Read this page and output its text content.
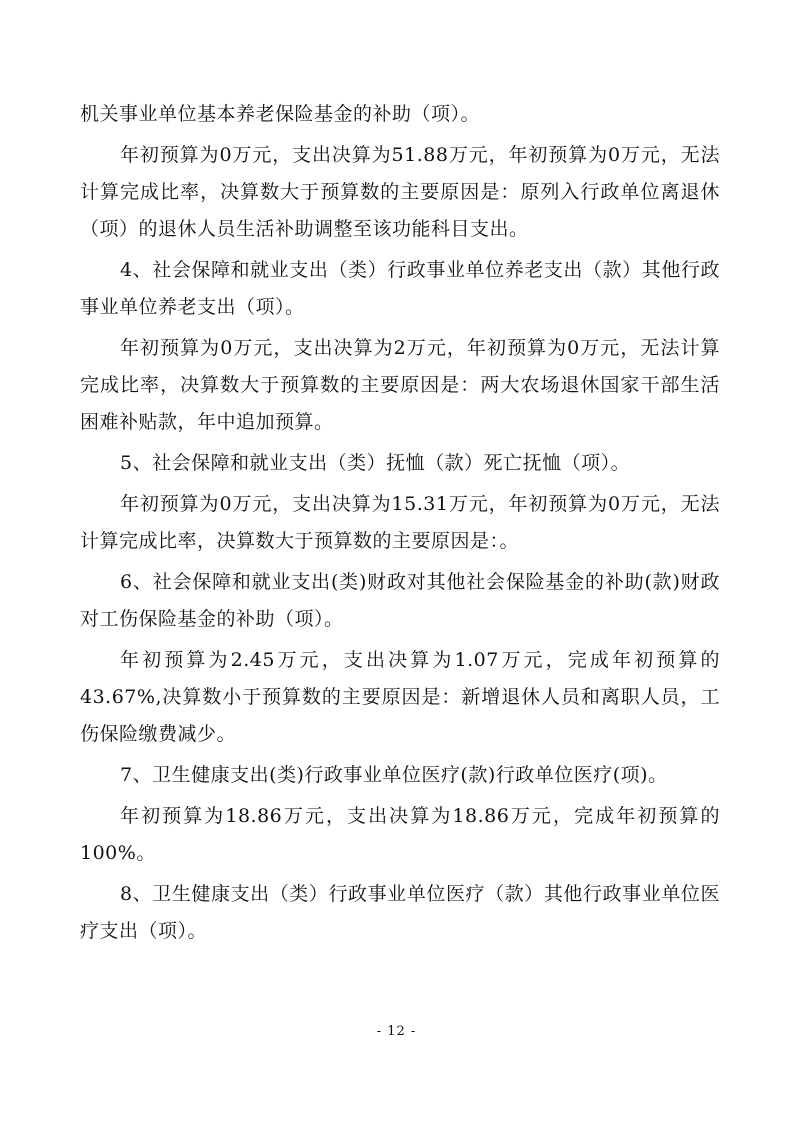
机关事业单位基本养老保险基金的补助（项）。

年初预算为0万元，支出决算为51.88万元，年初预算为0万元，无法计算完成比率，决算数大于预算数的主要原因是：原列入行政单位离退休（项）的退休人员生活补助调整至该功能科目支出。

4、社会保障和就业支出（类）行政事业单位养老支出（款）其他行政事业单位养老支出（项）。

年初预算为0万元，支出决算为2万元，年初预算为0万元，无法计算完成比率，决算数大于预算数的主要原因是：两大农场退休国家干部生活困难补贴款，年中追加预算。

5、社会保障和就业支出（类）抚恤（款）死亡抚恤（项）。

年初预算为0万元，支出决算为15.31万元，年初预算为0万元，无法计算完成比率，决算数大于预算数的主要原因是：。

6、社会保障和就业支出(类)财政对其他社会保险基金的补助(款)财政对工伤保险基金的补助（项）。

年初预算为2.45万元，支出决算为1.07万元，完成年初预算的43.67%,决算数小于预算数的主要原因是：新增退休人员和离职人员，工伤保险缴费减少。

7、卫生健康支出(类)行政事业单位医疗(款)行政单位医疗(项)。

年初预算为18.86万元，支出决算为18.86万元，完成年初预算的100%。

8、卫生健康支出（类）行政事业单位医疗（款）其他行政事业单位医疗支出（项）。

- 12 -
